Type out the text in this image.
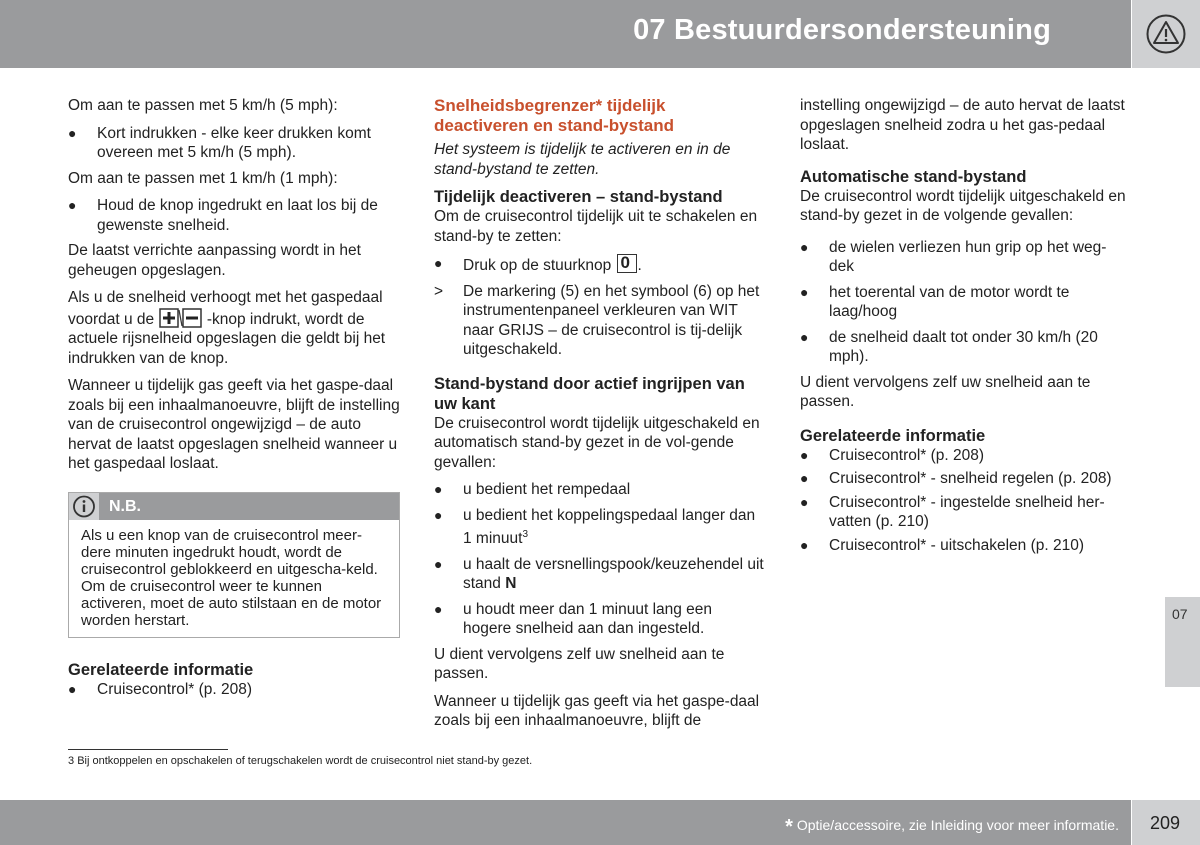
07 Bestuurdersondersteuning

Om aan te passen met 5 km/h (5 mph):

●	Kort indrukken - elke keer drukken komt overeen met 5 km/h (5 mph).

Om aan te passen met 1 km/h (1 mph):

●	Houd de knop ingedrukt en laat los bij de gewenste snelheid.

De laatst verrichte aanpassing wordt in het geheugen opgeslagen.

Als u de snelheid verhoogt met het gaspedaal voordat u de	-knop indrukt, wordt de actuele rijsnelheid opgeslagen die geldt bij het indrukken van de knop.

Wanneer u tijdelijk gas geeft via het gaspe-daal zoals bij een inhaalmanoeuvre, blijft de instelling van de cruisecontrol ongewijzigd – de auto hervat de laatst opgeslagen snelheid wanneer u het gaspedaal loslaat.

N.B.
Als u een knop van de cruisecontrol meer-dere minuten ingedrukt houdt, wordt de cruisecontrol geblokkeerd en uitgescha-keld. Om de cruisecontrol weer te kunnen activeren, moet de auto stilstaan en de motor worden herstart.

Gerelateerde informatie

●	Cruisecontrol* (p. 208)
Snelheidsbegrenzer* tijdelijk deactiveren en stand-bystand

Het systeem is tijdelijk te activeren en in de stand-bystand te zetten.

Tijdelijk deactiveren – stand-bystand

Om de cruisecontrol tijdelijk uit te schakelen en stand-by te zetten:

●	Druk op de stuurknop 0 .
>	De markering (5) en het symbool (6) op het instrumentenpaneel verkleuren van WIT naar GRIJS – de cruisecontrol is tij-delijk uitgeschakeld.

Stand-bystand door actief ingrijpen van uw kant

De cruisecontrol wordt tijdelijk uitgeschakeld en automatisch stand-by gezet in de vol-gende gevallen:

●	u bedient het rempedaal
●	u bedient het koppelingspedaal langer dan 1 minuut$^3$
●	u haalt de versnellingspook/keuzehendel uit stand N
●	u houdt meer dan 1 minuut lang een hogere snelheid aan dan ingesteld.

U dient vervolgens zelf uw snelheid aan te passen.

Wanneer u tijdelijk gas geeft via het gaspe-daal zoals bij een inhaalmanoeuvre, blijft de

instelling ongewijzigd – de auto hervat de laatst opgeslagen snelheid zodra u het gas-pedaal loslaat.

Automatische stand-bystand

De cruisecontrol wordt tijdelijk uitgeschakeld en stand-by gezet in de volgende gevallen:

●	de wielen verliezen hun grip op het weg-dek
●	het toerental van de motor wordt te laag/hoog
●	de snelheid daalt tot onder 30 km/h (20 mph).

U dient vervolgens zelf uw snelheid aan te passen.

Gerelateerde informatie

●	Cruisecontrol* (p. 208)
●	Cruisecontrol* - snelheid regelen (p. 208)
●	Cruisecontrol* - ingestelde snelheid her-vatten (p. 210)
●	Cruisecontrol* - uitschakelen (p. 210)
3 Bij ontkoppelen en opschakelen of terugschakelen wordt de cruisecontrol niet stand-by gezet.
07
* Optie/accessoire, zie Inleiding voor meer informatie. 209
